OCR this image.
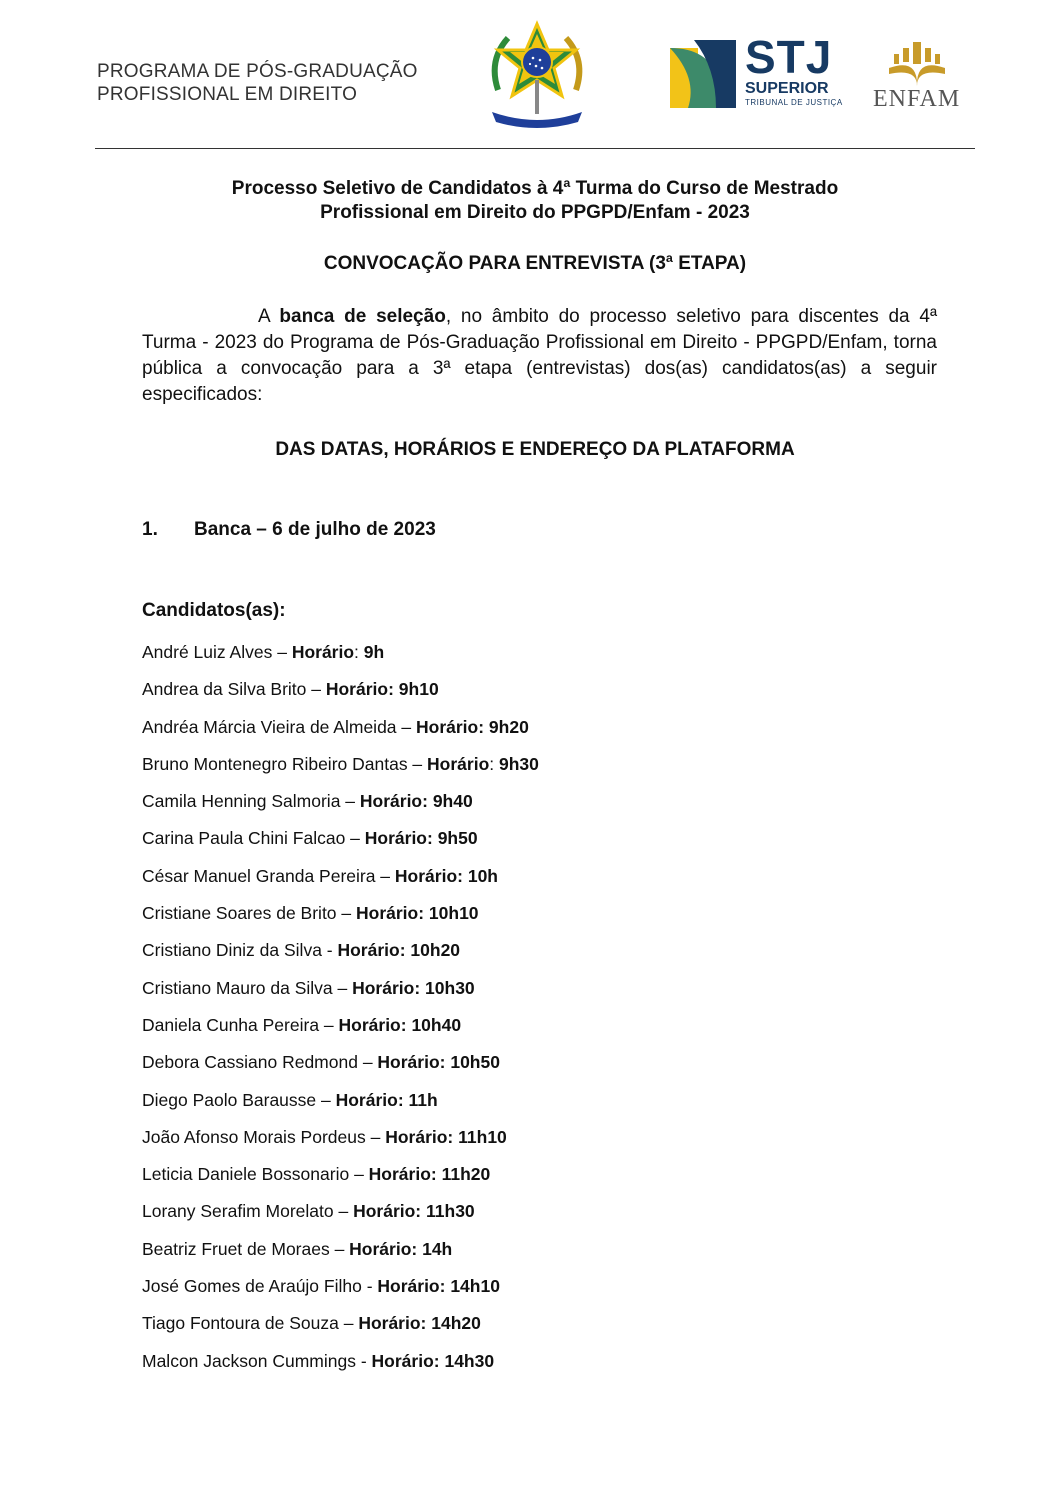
PROGRAMA DE PÓS-GRADUAÇÃO
PROFISSIONAL EM DIREITO
STJ
SUPERIOR
TRIBUNAL DE JUSTIÇA	ENFAM
Processo Seletivo de Candidatos à 4ª Turma do Curso de Mestrado
Profissional em Direito do PPGPD/Enfam - 2023
CONVOCAÇÃO PARA ENTREVISTA (3ª ETAPA)
A banca de seleção, no âmbito do processo seletivo para discentes da 4ª Turma - 2023 do Programa de Pós-Graduação Profissional em Direito - PPGPD/Enfam, torna pública a convocação para a 3ª etapa (entrevistas) dos(as) candidatos(as) a seguir especificados:
DAS DATAS, HORÁRIOS E ENDEREÇO DA PLATAFORMA
1. Banca – 6 de julho de 2023
Candidatos(as):
André Luiz Alves – Horário: 9h
Andrea da Silva Brito – Horário: 9h10
Andréa Márcia Vieira de Almeida – Horário: 9h20
Bruno Montenegro Ribeiro Dantas – Horário: 9h30
Camila Henning Salmoria – Horário: 9h40
Carina Paula Chini Falcao – Horário: 9h50
César Manuel Granda Pereira – Horário: 10h
Cristiane Soares de Brito – Horário: 10h10
Cristiano Diniz da Silva - Horário: 10h20
Cristiano Mauro da Silva – Horário: 10h30
Daniela Cunha Pereira – Horário: 10h40
Debora Cassiano Redmond – Horário: 10h50
Diego Paolo Barausse – Horário: 11h
João Afonso Morais Pordeus – Horário: 11h10
Leticia Daniele Bossonario – Horário: 11h20
Lorany Serafim Morelato – Horário: 11h30
Beatriz Fruet de Moraes – Horário: 14h
José Gomes de Araújo Filho - Horário: 14h10
Tiago Fontoura de Souza – Horário: 14h20
Malcon Jackson Cummings - Horário: 14h30
